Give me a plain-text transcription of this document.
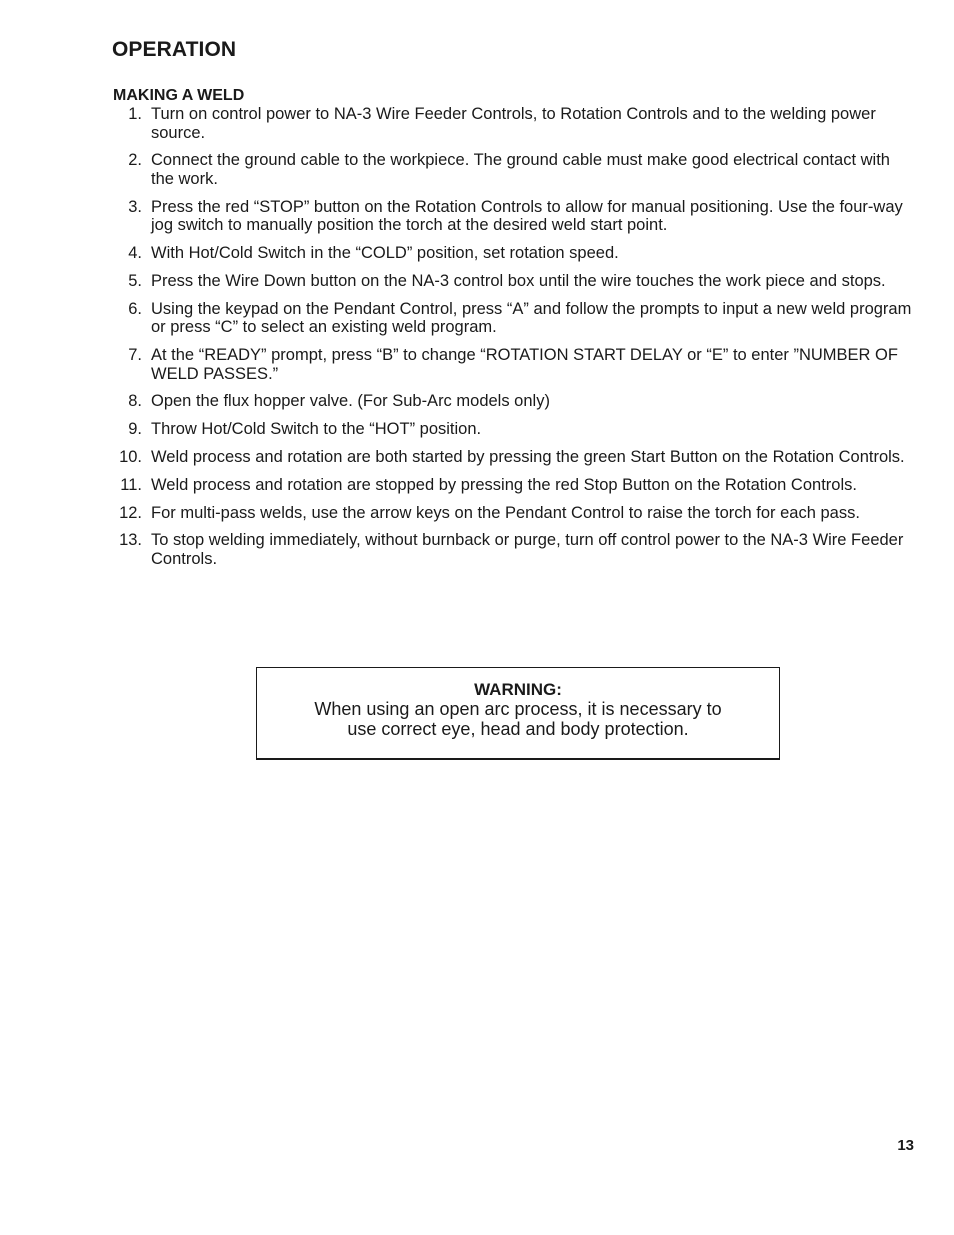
OPERATION
MAKING A WELD
1. Turn on control power to NA-3 Wire Feeder Controls, to Rotation Controls and to the welding power source.
2. Connect the ground cable to the workpiece. The ground cable must make good electrical contact with the work.
3. Press the red “STOP” button on the Rotation Controls to allow for manual positioning. Use the four-way jog switch to manually position the torch at the desired weld start point.
4. With Hot/Cold Switch in the “COLD” position, set rotation speed.
5. Press the Wire Down button on the NA-3 control box until the wire touches the work piece and stops.
6. Using the keypad on the Pendant Control, press “A” and follow the prompts to input a new weld program or press “C” to select an existing weld program.
7. At the “READY” prompt, press “B” to change “ROTATION START DELAY or “E” to enter ”NUMBER OF WELD PASSES.”
8. Open the flux hopper valve. (For Sub-Arc models only)
9. Throw Hot/Cold Switch to the “HOT” position.
10. Weld process and rotation are both started by pressing the green Start Button on the Rotation Controls.
11. Weld process and rotation are stopped by pressing the red Stop Button on the Rotation Controls.
12. For multi-pass welds, use the arrow keys on the Pendant Control to raise the torch for each pass.
13. To stop welding immediately, without burnback or purge, turn off control power to the NA-3 Wire Feeder Controls.
WARNING:
When using an open arc process, it is necessary to
use correct eye, head and body protection.
13
